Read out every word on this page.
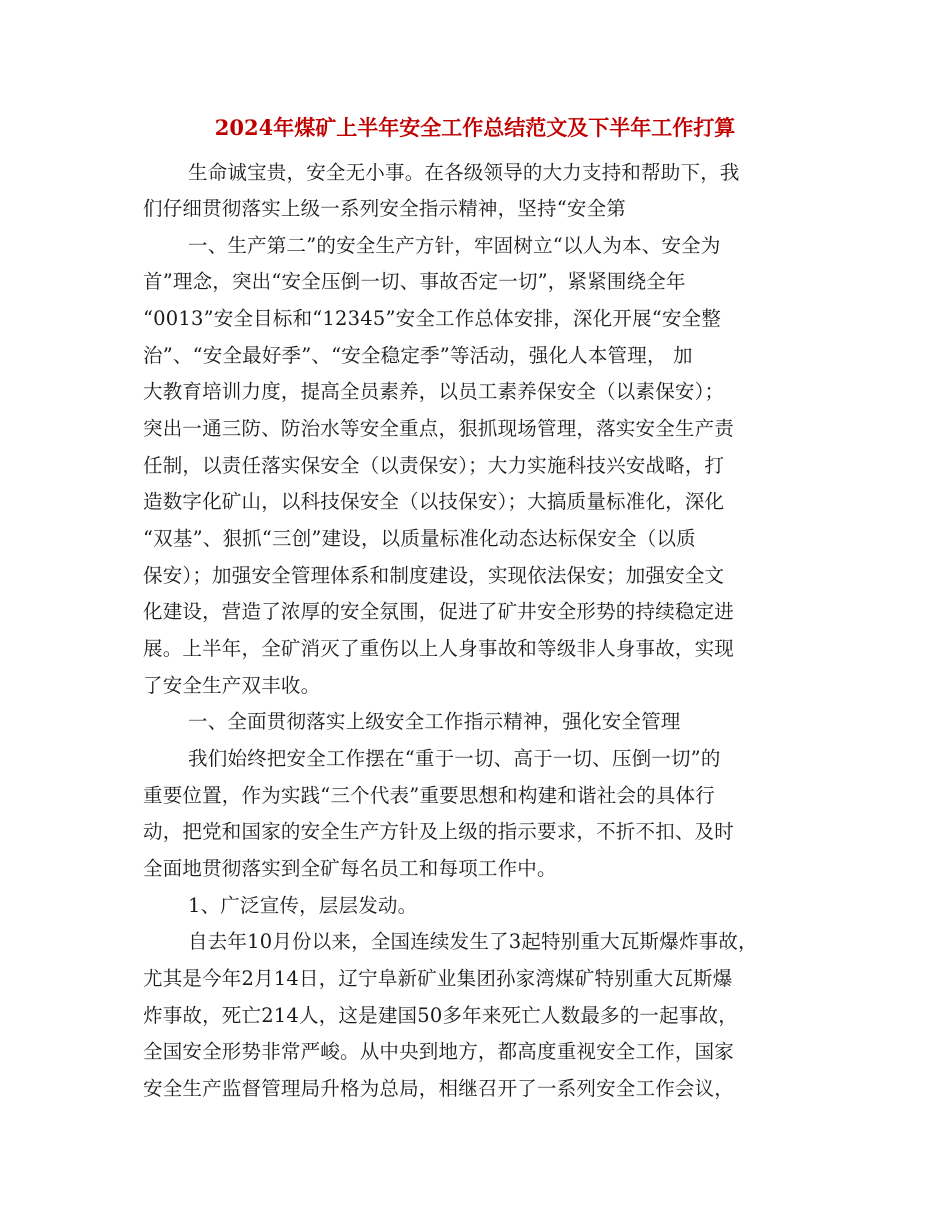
2024年煤矿上半年安全工作总结范文及下半年工作打算
生命诚宝贵，安全无小事。在各级领导的大力支持和帮助下，我
们仔细贯彻落实上级一系列安全指示精神，坚持“安全第
一、生产第二”的安全生产方针，牢固树立“以人为本、安全为
首”理念，突出“安全压倒一切、事故否定一切”，紧紧围绕全年
“0013”安全目标和“12345”安全工作总体安排，深化开展“安全整
治”、“安全最好季”、“安全稳定季”等活动，强化人本管理， 加
大教育培训力度，提高全员素养，以员工素养保安全（以素保安）；
突出一通三防、防治水等安全重点，狠抓现场管理，落实安全生产责
任制，以责任落实保安全（以责保安）；大力实施科技兴安战略，打
造数字化矿山，以科技保安全（以技保安）；大搞质量标准化，深化
“双基”、狠抓“三创”建设，以质量标准化动态达标保安全（以质
保安）；加强安全管理体系和制度建设，实现依法保安；加强安全文
化建设，营造了浓厚的安全氛围，促进了矿井安全形势的持续稳定进
展。上半年，全矿消灭了重伤以上人身事故和等级非人身事故，实现
了安全生产双丰收。
一、全面贯彻落实上级安全工作指示精神，强化安全管理
我们始终把安全工作摆在“重于一切、高于一切、压倒一切”的
重要位置，作为实践“三个代表”重要思想和构建和谐社会的具体行
动，把党和国家的安全生产方针及上级的指示要求，不折不扣、及时
全面地贯彻落实到全矿每名员工和每项工作中。
1、广泛宣传，层层发动。
自去年10月份以来，全国连续发生了3起特别重大瓦斯爆炸事故，
尤其是今年2月14日，辽宁阜新矿业集团孙家湾煤矿特别重大瓦斯爆
炸事故，死亡214人，这是建国50多年来死亡人数最多的一起事故，
全国安全形势非常严峻。从中央到地方，都高度重视安全工作，国家
安全生产监督管理局升格为总局，相继召开了一系列安全工作会议，
